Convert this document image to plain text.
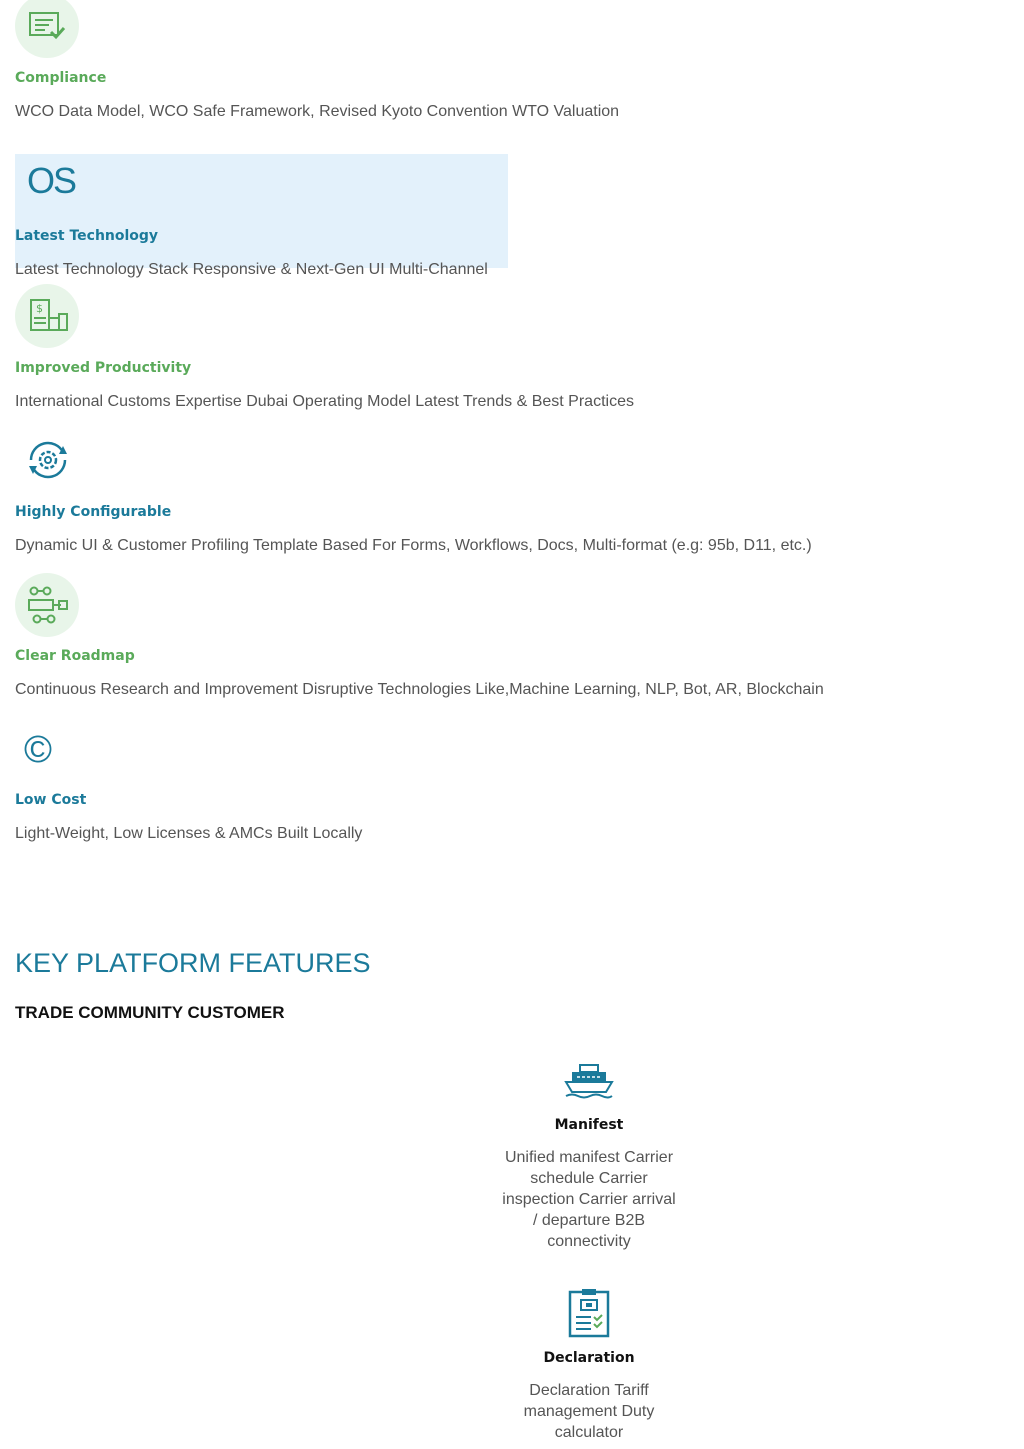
Compliance
WCO Data Model, WCO Safe Framework, Revised Kyoto Convention WTO Valuation
OS
Latest Technology
Latest Technology Stack Responsive & Next-Gen UI Multi-Channel
$
Improved Productivity
International Customs Expertise Dubai Operating Model Latest Trends & Best Practices
Highly Configurable
Dynamic UI & Customer Profiling Template Based For Forms, Workflows, Docs, Multi-format (e.g: 95b, D11, etc.)
Clear Roadmap
Continuous Research and Improvement Disruptive Technologies Like,Machine Learning, NLP, Bot, AR, Blockchain
©
Low Cost
Light-Weight, Low Licenses & AMCs Built Locally
KEY PLATFORM FEATURES
TRADE COMMUNITY CUSTOMER
Manifest
Unified manifest Carrier schedule Carrier inspection Carrier arrival / departure B2B connectivity
Declaration
Declaration Tariff management Duty calculator
